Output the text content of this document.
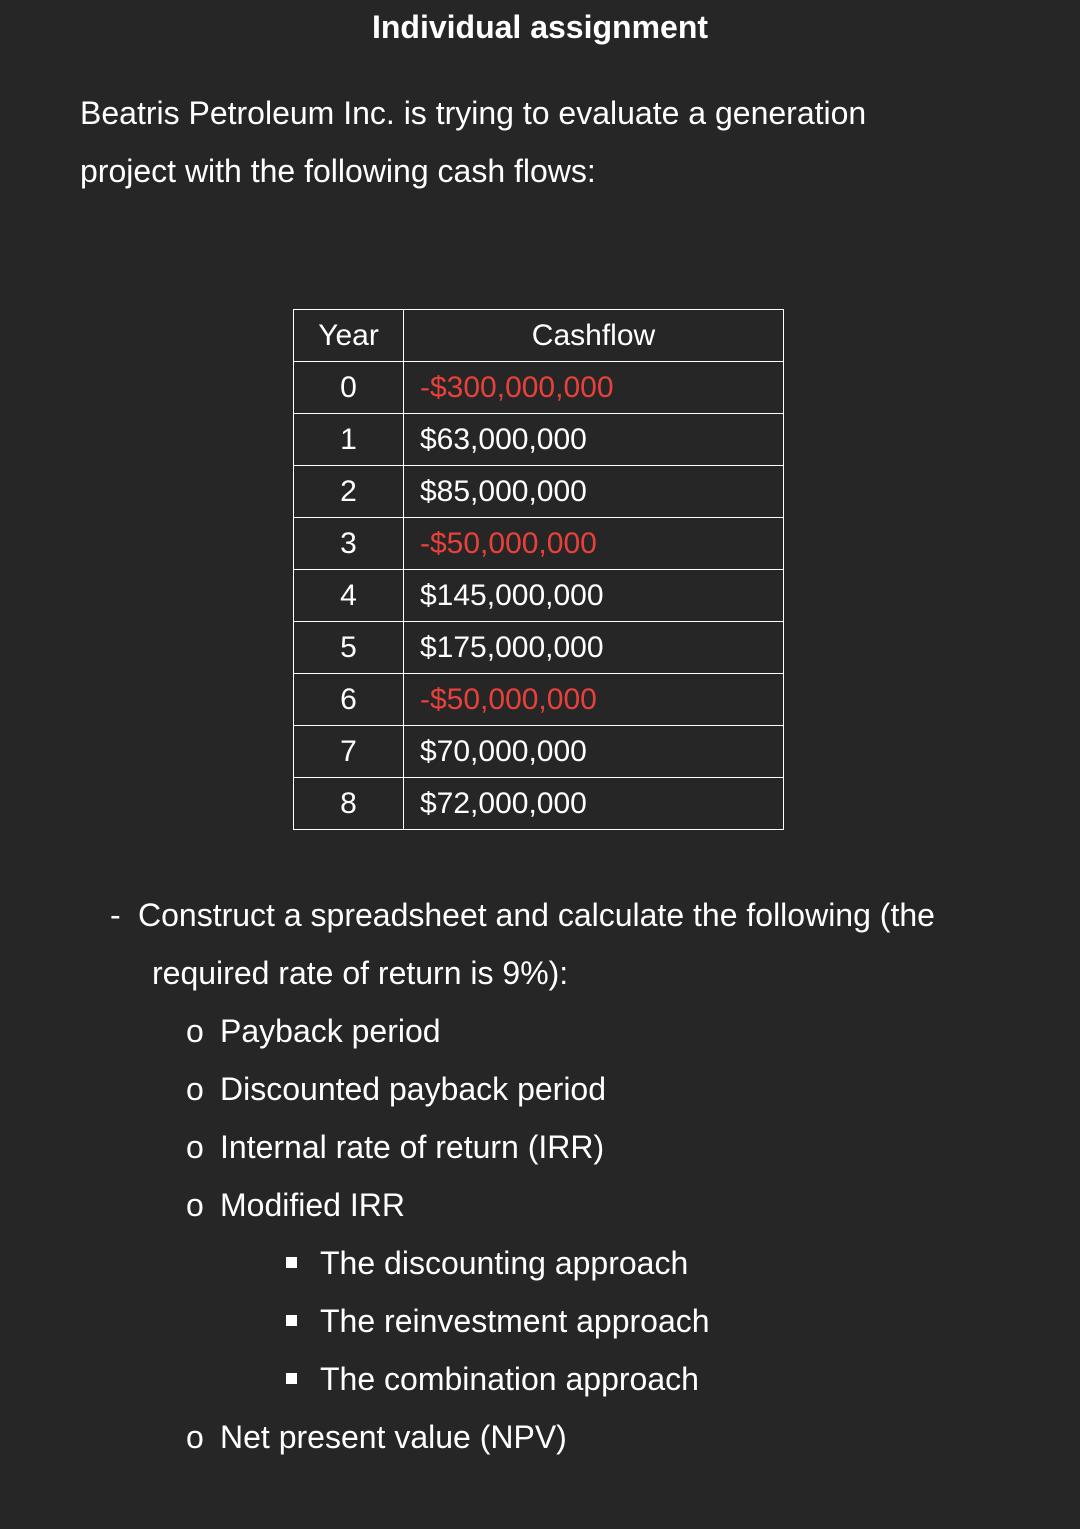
Individual assignment
Beatris Petroleum Inc. is trying to evaluate a generation
project with the following cash flows:
Year	Cashflow
0	-$300,000,000
1	$63,000,000
2	$85,000,000
3	-$50,000,000
4	$145,000,000
5	$175,000,000
6	-$50,000,000
7	$70,000,000
8	$72,000,000
- Construct a spreadsheet and calculate the following (the
required rate of return is 9%):
o Payback period
o Discounted payback period
o Internal rate of return (IRR)
o Modified IRR
The discounting approach
The reinvestment approach
The combination approach
o Net present value (NPV)
